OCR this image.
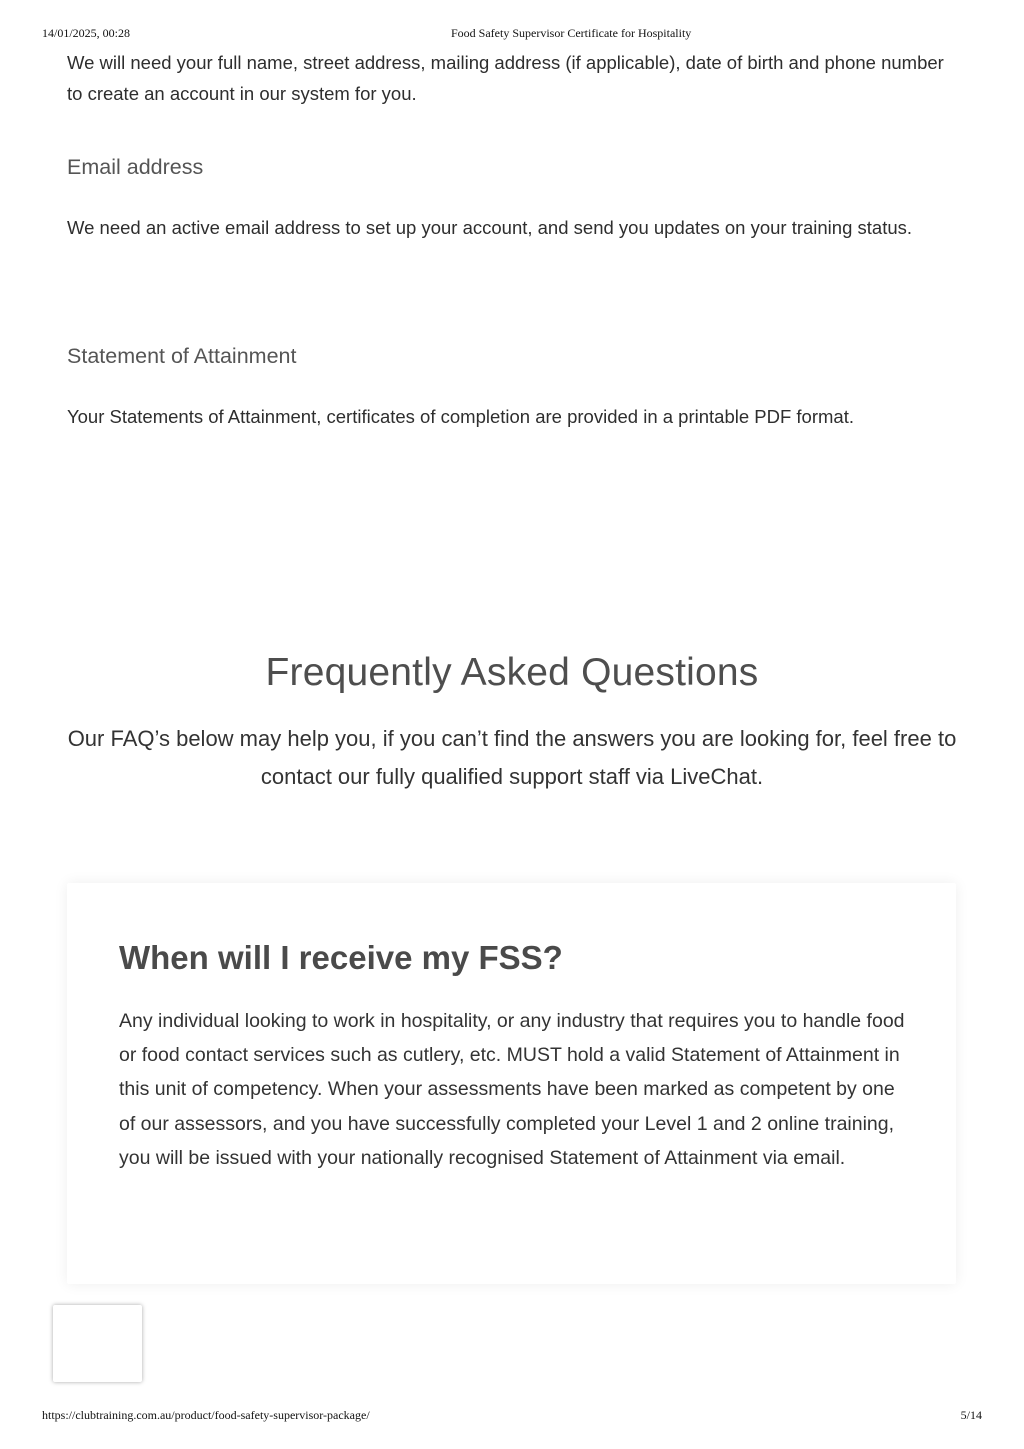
14/01/2025, 00:28	Food Safety Supervisor Certificate for Hospitality

We will need your full name, street address, mailing address (if applicable), date of birth and phone number to create an account in our system for you.

Email address

We need an active email address to set up your account, and send you updates on your training status.

Statement of Attainment

Your Statements of Attainment, certificates of completion are provided in a printable PDF format.

Frequently Asked Questions

Our FAQ’s below may help you, if you can’t find the answers you are looking for, feel free to contact our fully qualified support staff via LiveChat.

When will I receive my FSS?

Any individual looking to work in hospitality, or any industry that requires you to handle food or food contact services such as cutlery, etc. MUST hold a valid Statement of Attainment in this unit of competency. When your assessments have been marked as competent by one of our assessors, and you have successfully completed your Level 1 and 2 online training, you will be issued with your nationally recognised Statement of Attainment via email.

https://clubtraining.com.au/product/food-safety-supervisor-package/	5/14
